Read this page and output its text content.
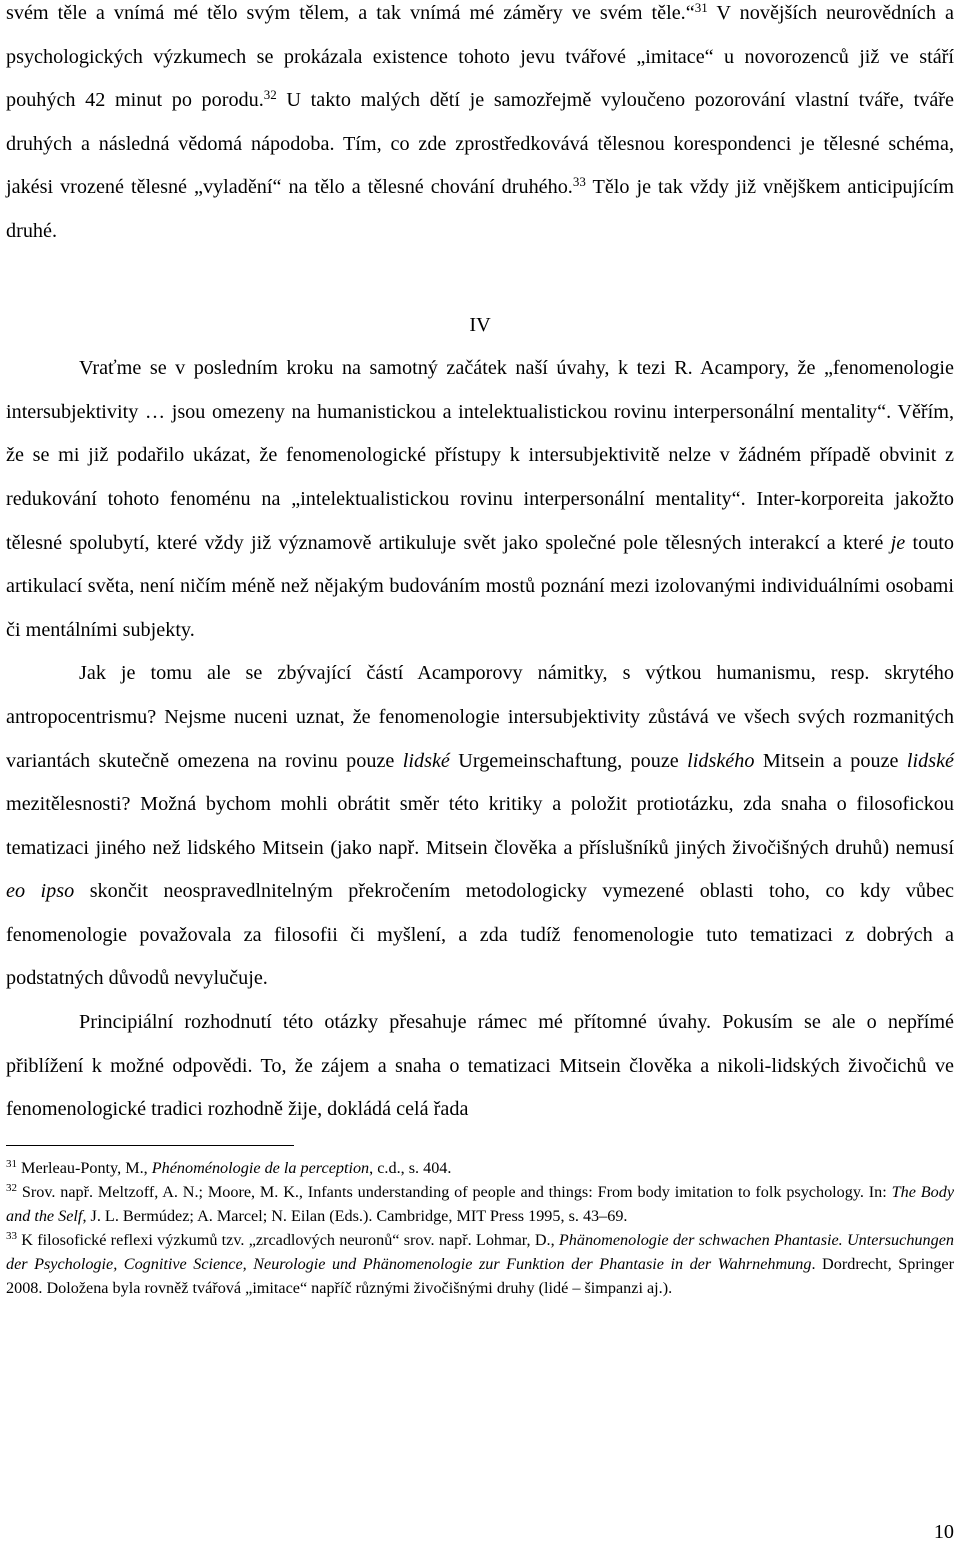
svém těle a vnímá mé tělo svým tělem, a tak vnímá mé záměry ve svém těle.“$^{31}$ V novějších neurovědních a psychologických výzkumech se prokázala existence tohoto jevu tvářové „imitace“ u novorozenců již ve stáří pouhých 42 minut po porodu.$^{32}$ U takto malých dětí je samozřejmě vyloučeno pozorování vlastní tváře, tváře druhých a následná vědomá nápodoba. Tím, co zde zprostředkovává tělesnou korespondenci je tělesné schéma, jakési vrozené tělesné „vyladění“ na tělo a tělesné chování druhého.$^{33}$ Tělo je tak vždy již vnějškem anticipujícím druhé.

IV

Vraťme se v posledním kroku na samotný začátek naší úvahy, k tezi R. Acampory, že „fenomenologie intersubjektivity … jsou omezeny na humanistickou a intelektualistickou rovinu interpersonální mentality“. Věřím, že se mi již podařilo ukázat, že fenomenologické přístupy k intersubjektivitě nelze v žádném případě obvinit z redukování tohoto fenoménu na „intelektualistickou rovinu interpersonální mentality“. Inter-korporeita jakožto tělesné spolubytí, které vždy již významově artikuluje svět jako společné pole tělesných interakcí a které je touto artikulací světa, není ničím méně než nějakým budováním mostů poznání mezi izolovanými individuálními osobami či mentálními subjekty.

Jak je tomu ale se zbývající částí Acamporovy námitky, s výtkou humanismu, resp. skrytého antropocentrismu? Nejsme nuceni uznat, že fenomenologie intersubjektivity zůstává ve všech svých rozmanitých variantách skutečně omezena na rovinu pouze lidské Urgemeinschaftung, pouze lidského Mitsein a pouze lidské mezitělesnosti? Možná bychom mohli obrátit směr této kritiky a položit protiotázku, zda snaha o filosofickou tematizaci jiného než lidského Mitsein (jako např. Mitsein člověka a příslušníků jiných živočišných druhů) nemusí eo ipso skončit neospravedlnitelným překročením metodologicky vymezené oblasti toho, co kdy vůbec fenomenologie považovala za filosofii či myšlení, a zda tudíž fenomenologie tuto tematizaci z dobrých a podstatných důvodů nevylučuje.

Principiální rozhodnutí této otázky přesahuje rámec mé přítomné úvahy. Pokusím se ale o nepřímé přiblížení k možné odpovědi. To, že zájem a snaha o tematizaci Mitsein člověka a nikoli-lidských živočichů ve fenomenologické tradici rozhodně žije, dokládá celá řada

$^{31}$ Merleau-Ponty, M., Phénoménologie de la perception, c.d., s. 404.

$^{32}$ Srov. např. Meltzoff, A. N.; Moore, M. K., Infants understanding of people and things: From body imitation to folk psychology. In: The Body and the Self, J. L. Bermúdez; A. Marcel; N. Eilan (Eds.). Cambridge, MIT Press 1995, s. 43–69.

$^{33}$ K filosofické reflexi výzkumů tzv. „zrcadlových neuronů“ srov. např. Lohmar, D., Phänomenologie der schwachen Phantasie. Untersuchungen der Psychologie, Cognitive Science, Neurologie und Phänomenologie zur Funktion der Phantasie in der Wahrnehmung. Dordrecht, Springer 2008. Doložena byla rovněž tvářová „imitace“ napříč různými živočišnými druhy (lidé – šimpanzi aj.).

10
